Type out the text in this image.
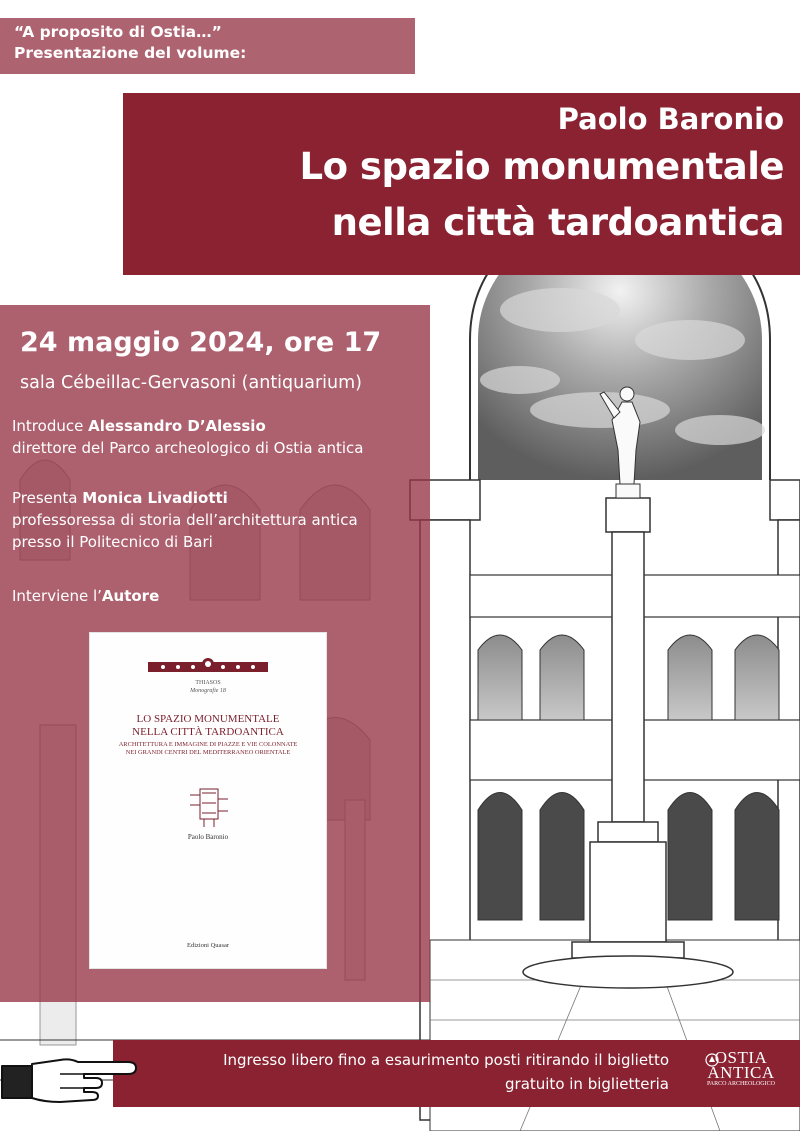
“A proposito di Ostia…”
Presentazione del volume:
Paolo Baronio
Lo spazio monumentale
nella città tardoantica
24 maggio 2024, ore 17
sala Cébeillac-Gervasoni (antiquarium)
Introduce Alessandro D’Alessio
direttore del Parco archeologico di Ostia antica
Presenta Monica Livadiotti
professoressa di storia dell’architettura antica
presso il Politecnico di Bari
Interviene l’Autore
THIASOS
Monografie 18
LO SPAZIO MONUMENTALE
NELLA CITTÀ TARDOANTICA
ARCHITETTURA E IMMAGINE DI PIAZZE E VIE COLONNATE
NEI GRANDI CENTRI DEL MEDITERRANEO ORIENTALE
Paolo Baronio
Edizioni Quasar
Ingresso libero fino a esaurimento posti ritirando il biglietto
gratuito in biglietteria
OSTIA
ANTICA
PARCO ARCHEOLOGICO
